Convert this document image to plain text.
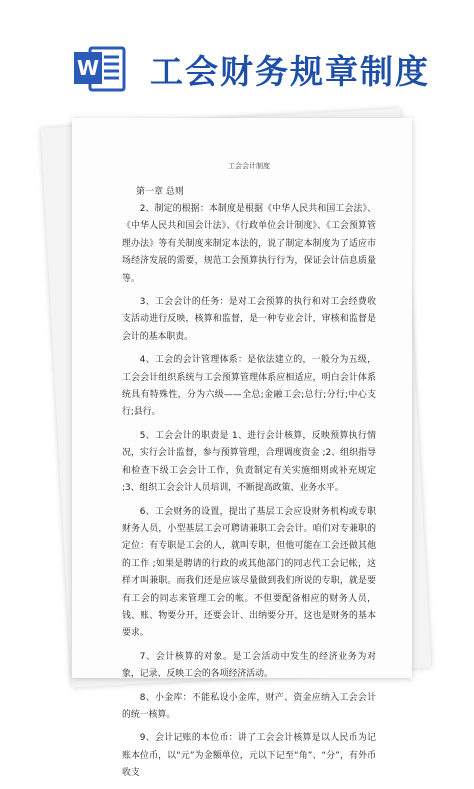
W 工会财务规章制度
工会会计制度
第一章 总则

2、制定的根据：本制度是根据《中华人民共和国工会法》、《中华人民共和国会计法》、《行政单位会计制度》、《工会预算管理办法》等有关制度来制定本法的，说了制定本制度为了适应市场经济发展的需要，规范工会预算执行行为，保证会计信息质量等。

3、工会会计的任务：是对工会预算的执行和对工会经费收支活动进行反映，核算和监督，是一种专业会计，审核和监督是会计的基本职责。

4、工会的会计管理体系：是依法建立的，一般分为五级，工会会计组织系统与工会预算管理体系应相适应，明白会计体系统具有特殊性，分为六级——全总;金融工会;总行;分行;中心支行;县行。

5、工会会计的职责是 1、进行会计核算，反映预算执行情况，实行会计监督，参与预算管理，合理调度资金 ;2、组织指导和检查下级工会会计工作，负责制定有关实施细则或补充规定 ;3、组织工会会计人员培训，不断提高政策、业务水平。

6、工会财务的设置，提出了基层工会应设财务机构或专职财务人员，小型基层工会可聘请兼职工会会计。咱们对专兼职的定位：有专职是工会的人，就叫专职，但他可能在工会还做其他的工作 ;如果是聘请的行政的或其他部门的同志代工会记帐，这样才叫兼职。而我们还是应该尽量做到我们所说的专职，就是要有工会的同志来管理工会的帐。不但要配备相应的财务人员，钱、账、物要分开，还要会计、出纳要分开，这也是财务的基本要求。

7、会计核算的对象。是工会活动中发生的经济业务为对象，记录、反映工会的各项经济活动。

8、小金库：不能私设小金库，财产、资金应纳入工会会计的统一核算。

9、会计记账的本位币：讲了工会会计核算是以人民币为记账本位币，以“元”为金额单位，元以下记至“角”、“分”，有外币收支
